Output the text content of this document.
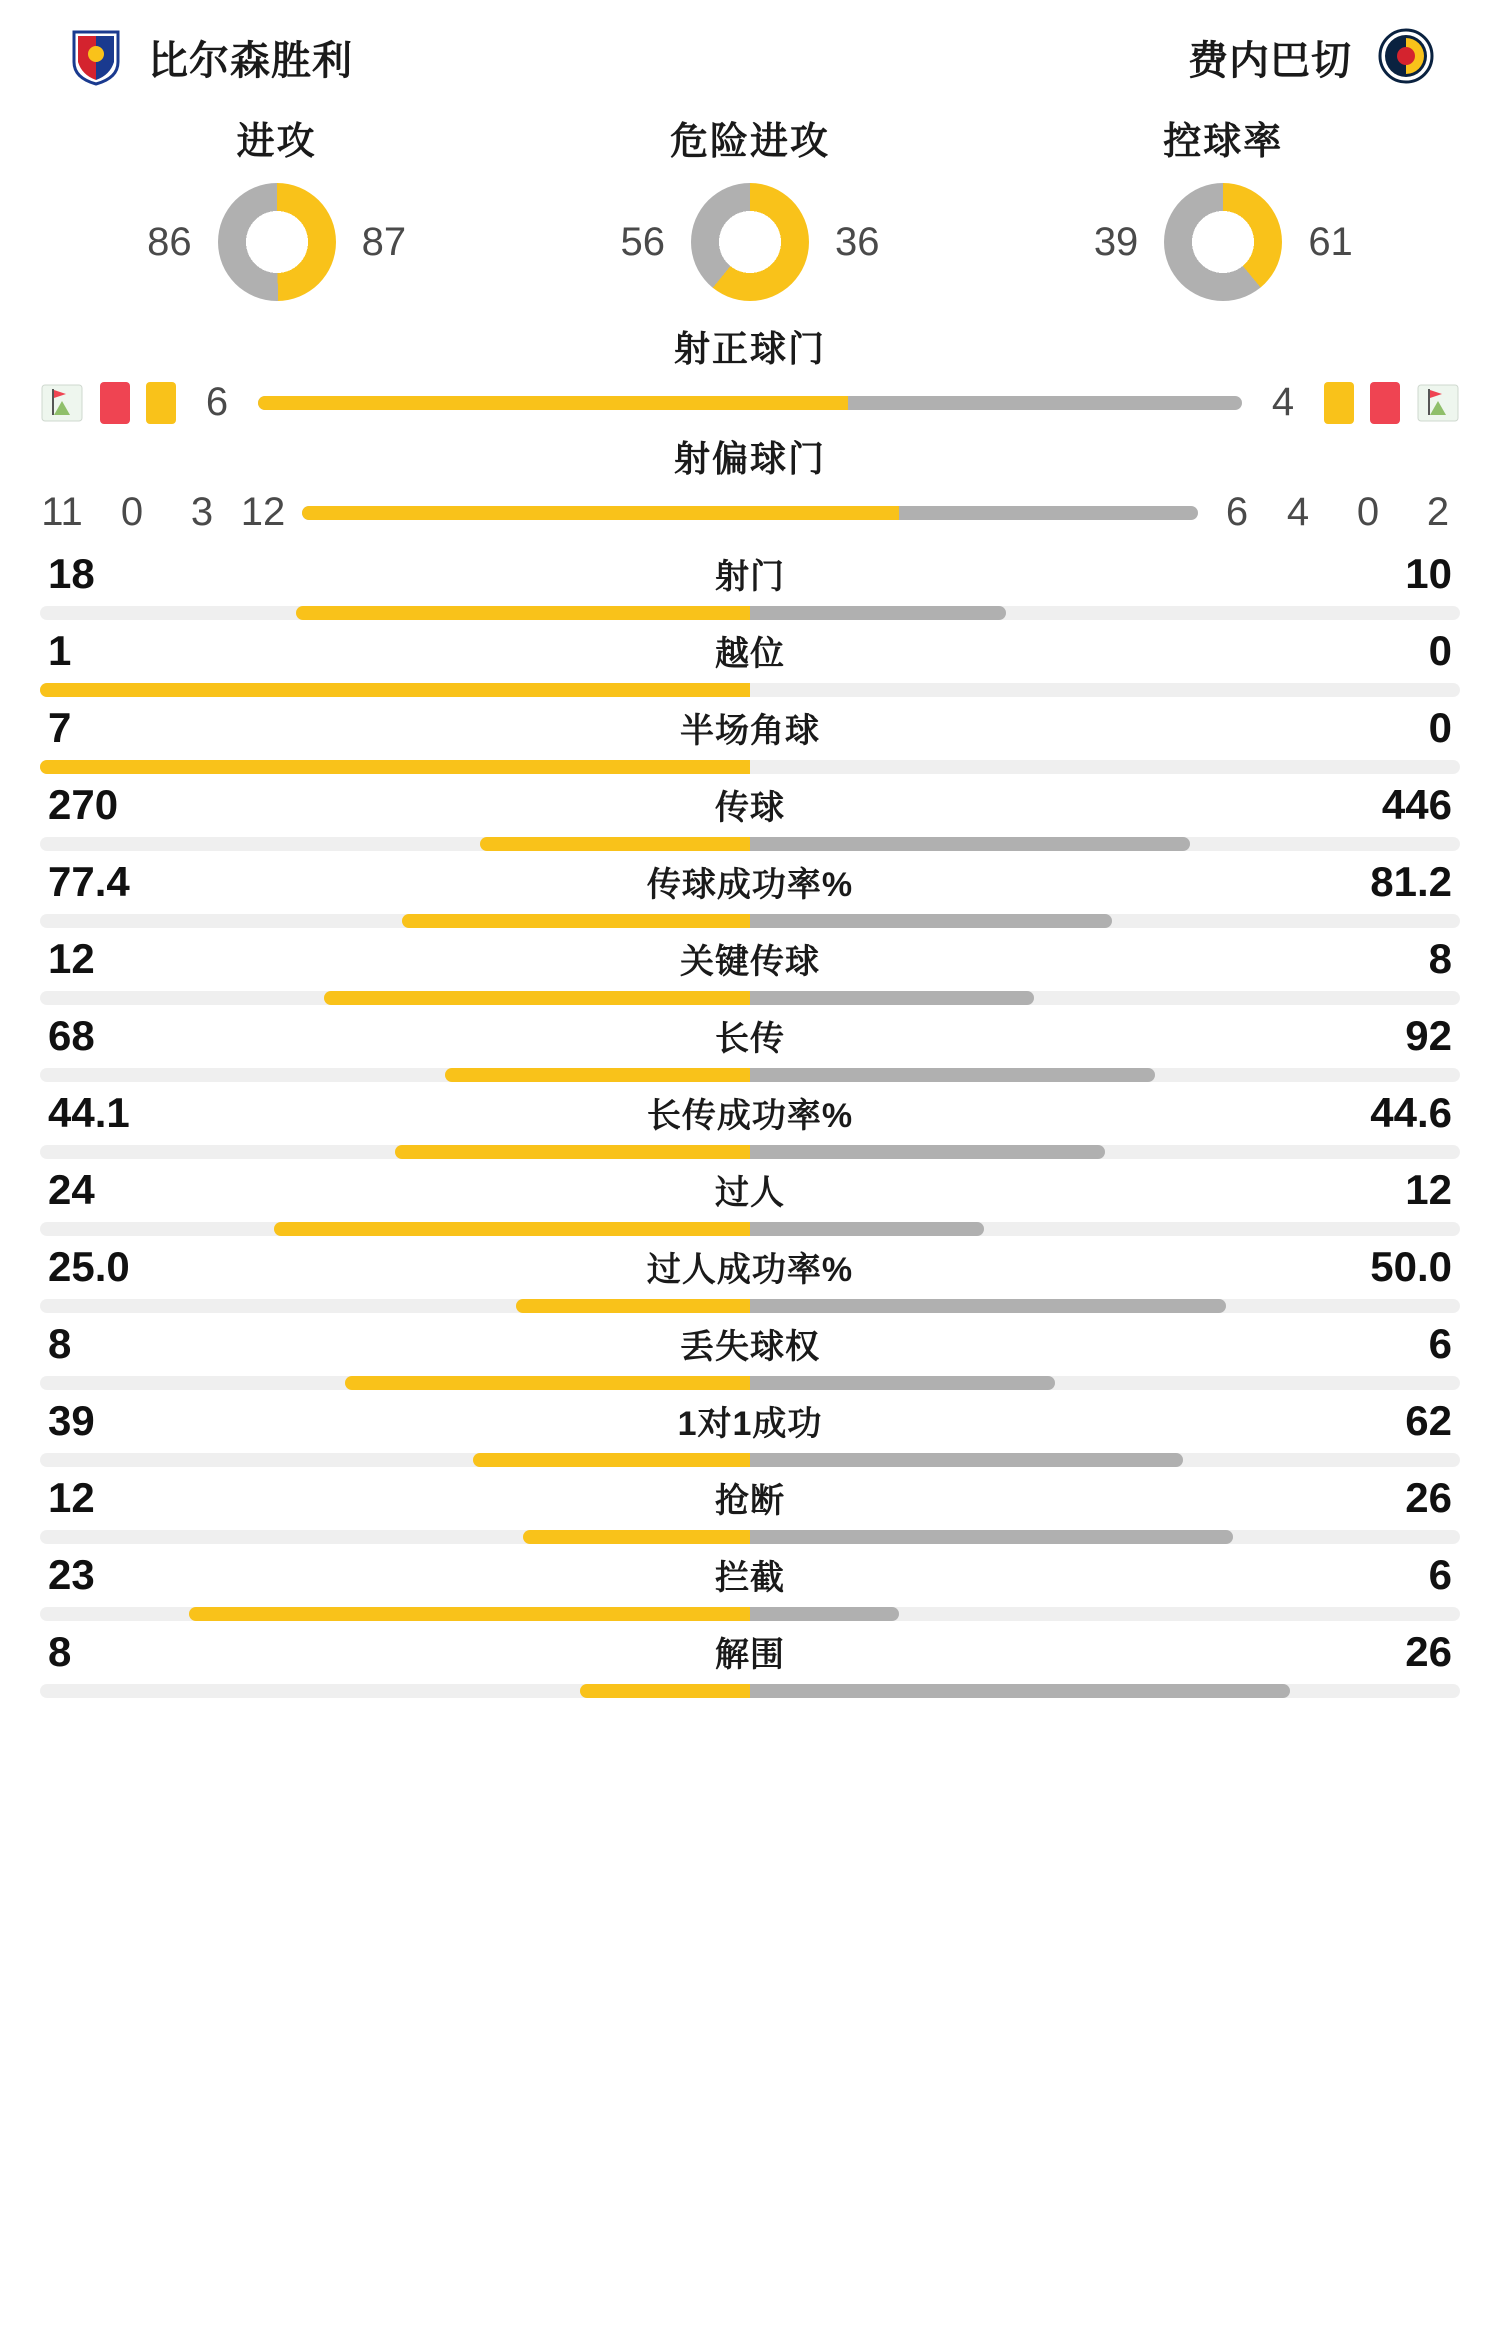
比尔森胜利	费内巴切
进攻
86	87
危险进攻
56	36
控球率
39	61
射正球门
6	4
射偏球门
11 0 3 12	6 4 0 2
18	射门	10
1	越位	0
7	半场角球	0
270	传球	446
77.4	传球成功率%	81.2
12	关键传球	8
68	长传	92
44.1	长传成功率%	44.6
24	过人	12
25.0	过人成功率%	50.0
8	丢失球权	6
39	1对1成功	62
12	抢断	26
23	拦截	6
8	解围	26
